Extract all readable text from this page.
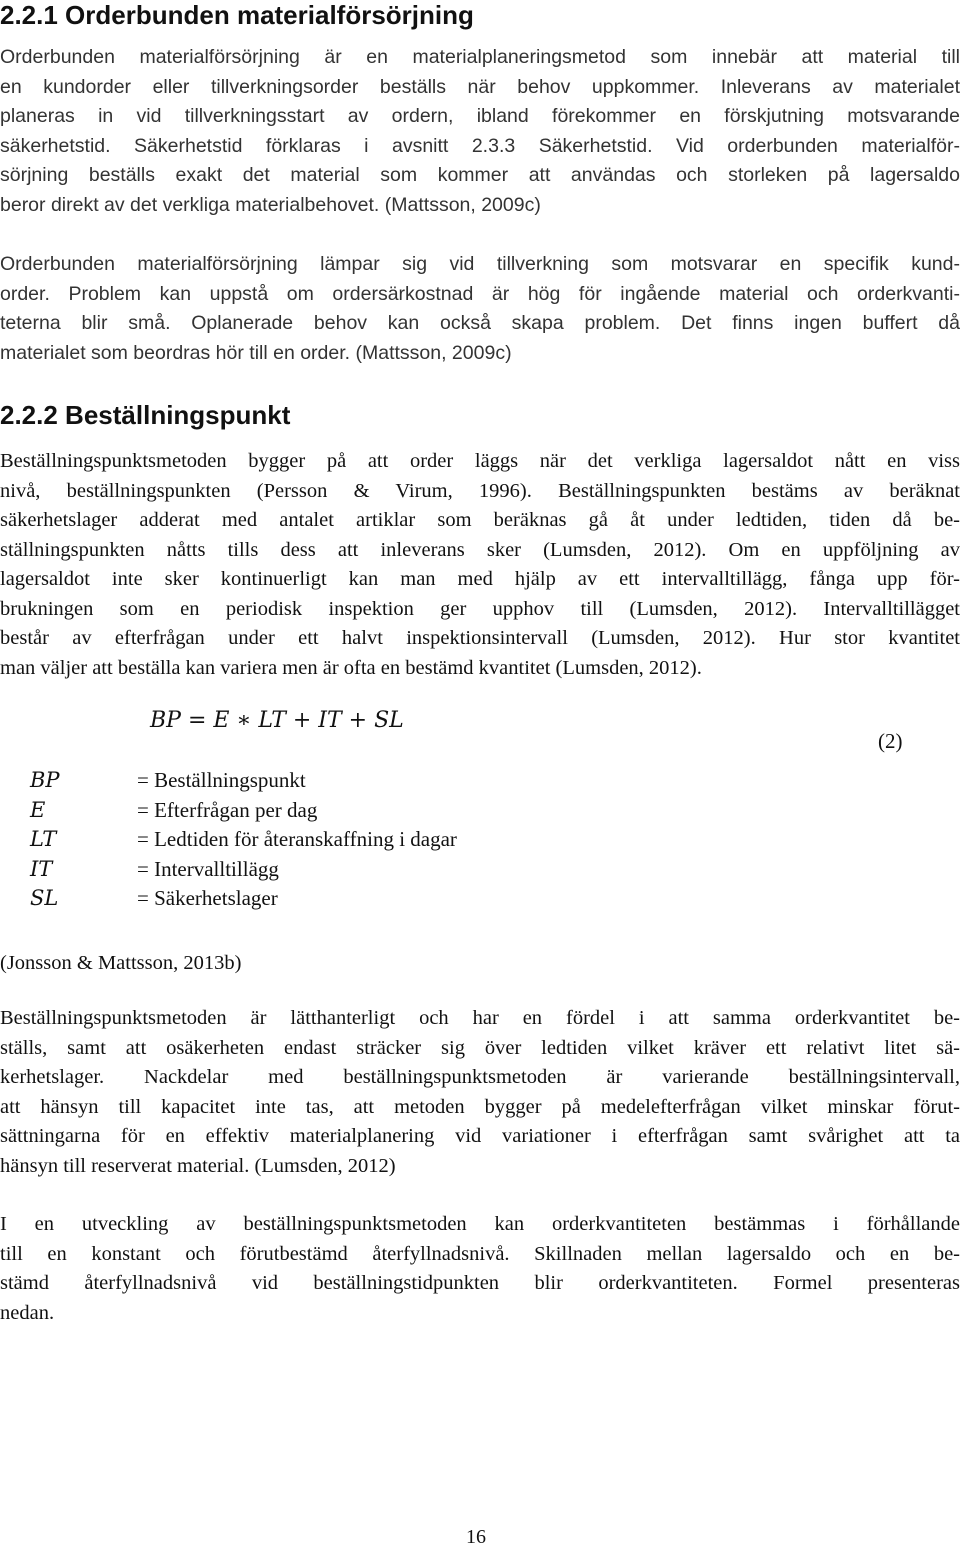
2.2.1 Orderbunden materialförsörjning
Orderbunden materialförsörjning är en materialplaneringsmetod som innebär att material till
en kundorder eller tillverkningsorder beställs när behov uppkommer. Inleverans av materialet
planeras in vid tillverkningsstart av ordern, ibland förekommer en förskjutning motsvarande
säkerhetstid. Säkerhetstid förklaras i avsnitt 2.3.3 Säkerhetstid. Vid orderbunden materialför-
sörjning beställs exakt det material som kommer att användas och storleken på lagersaldo
beror direkt av det verkliga materialbehovet. (Mattsson, 2009c)
Orderbunden materialförsörjning lämpar sig vid tillverkning som motsvarar en specifik kund-
order. Problem kan uppstå om ordersärkostnad är hög för ingående material och orderkvanti-
teterna blir små. Oplanerade behov kan också skapa problem. Det finns ingen buffert då
materialet som beordras hör till en order. (Mattsson, 2009c)
2.2.2 Beställningspunkt
Beställningspunktsmetoden bygger på att order läggs när det verkliga lagersaldot nått en viss
nivå, beställningspunkten (Persson & Virum, 1996). Beställningspunkten bestäms av beräknat
säkerhetslager adderat med antalet artiklar som beräknas gå åt under ledtiden, tiden då be-
ställningspunkten nåtts tills dess att inleverans sker (Lumsden, 2012). Om en uppföljning av
lagersaldot inte sker kontinuerligt kan man med hjälp av ett intervalltillägg, fånga upp för-
brukningen som en periodisk inspektion ger upphov till (Lumsden, 2012). Intervalltillägget
består av efterfrågan under ett halvt inspektionsintervall (Lumsden, 2012). Hur stor kvantitet
man väljer att beställa kan variera men är ofta en bestämd kvantitet (Lumsden, 2012).
BP = E ∗ LT + IT + SL
(2)
BP	= Beställningspunkt
E	= Efterfrågan per dag
LT	= Ledtiden för återanskaffning i dagar
IT	= Intervalltillägg
SL	= Säkerhetslager
(Jonsson & Mattsson, 2013b)
Beställningspunktsmetoden är lätthanterligt och har en fördel i att samma orderkvantitet be-
ställs, samt att osäkerheten endast sträcker sig över ledtiden vilket kräver ett relativt litet sä-
kerhetslager. Nackdelar med beställningspunktsmetoden är varierande beställningsintervall,
att hänsyn till kapacitet inte tas, att metoden bygger på medelefterfrågan vilket minskar förut-
sättningarna för en effektiv materialplanering vid variationer i efterfrågan samt svårighet att ta
hänsyn till reserverat material. (Lumsden, 2012)
I en utveckling av beställningspunktsmetoden kan orderkvantiteten bestämmas i förhållande
till en konstant och förutbestämd återfyllnadsnivå. Skillnaden mellan lagersaldo och en be-
stämd återfyllnadsnivå vid beställningstidpunkten blir orderkvantiteten. Formel presenteras
nedan.
16
